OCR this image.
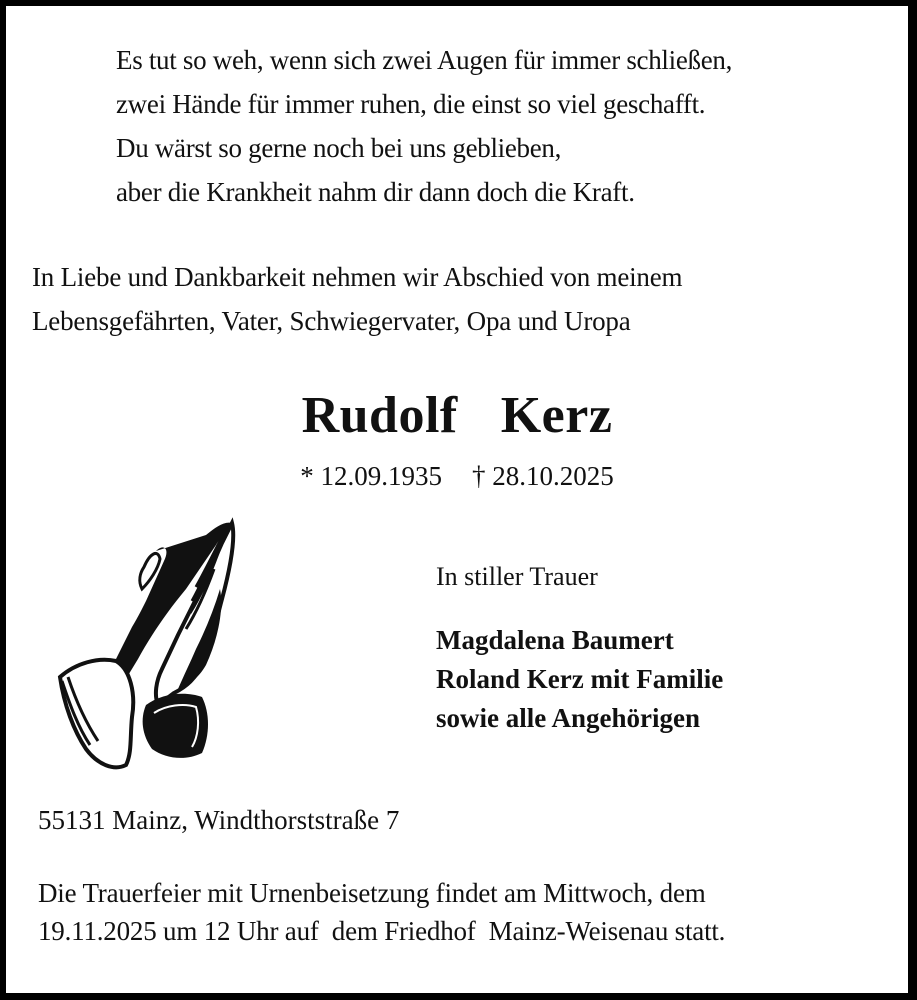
Es tut so weh, wenn sich zwei Augen für immer schließen,
zwei Hände für immer ruhen, die einst so viel geschafft.
Du wärst so gerne noch bei uns geblieben,
aber die Krankheit nahm dir dann doch die Kraft.
In Liebe und Dankbarkeit nehmen wir Abschied von meinem
Lebensgefährten, Vater, Schwiegervater, Opa und Uropa
Rudolf  Kerz
* 12.09.1935 † 28.10.2025
In stiller Trauer
Magdalena Baumert
Roland Kerz mit Familie
sowie alle Angehörigen
55131 Mainz, Windthorststraße 7
Die Trauerfeier mit Urnenbeisetzung findet am Mittwoch, dem
19.11.2025 um 12 Uhr auf  dem Friedhof  Mainz-Weisenau statt.
